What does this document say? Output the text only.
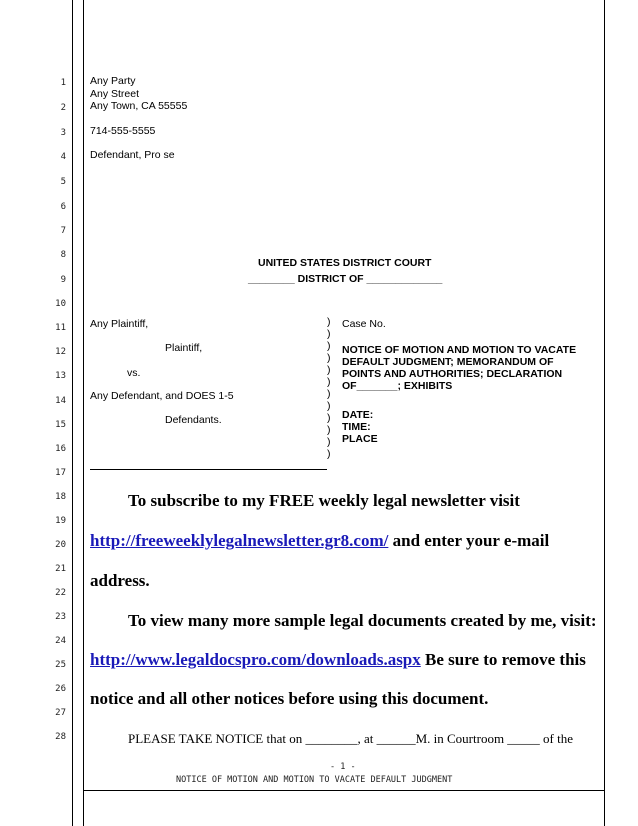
1
2
3
4
5
6
7
8
9
10
11
12
13
14
15
16
17
18
19
20
21
22
23
24
25
26
27
28
Any Party
Any Street
Any Town, CA 55555
714-555-5555
Defendant, Pro se
UNITED STATES DISTRICT COURT
________ DISTRICT OF _____________
Any Plaintiff,
Plaintiff,
vs.
Any Defendant, and DOES 1-5
Defendants.
)
)
)
)
)
)
)
)
)
)
)
)
Case No.
NOTICE OF MOTION AND MOTION TO VACATE
DEFAULT JUDGMENT; MEMORANDUM OF
POINTS AND AUTHORITIES; DECLARATION
OF_______; EXHIBITS
DATE:
TIME:
PLACE
To subscribe to my FREE weekly legal newsletter visit
http://freeweeklylegalnewsletter.gr8.com/ and enter your e-mail
address.
To view many more sample legal documents created by me, visit:
http://www.legaldocspro.com/downloads.aspx Be sure to remove this
notice and all other notices before using this document.
PLEASE TAKE NOTICE that on ________, at ______M. in Courtroom _____ of the
- 1 -
NOTICE OF MOTION AND MOTION TO VACATE DEFAULT JUDGMENT
